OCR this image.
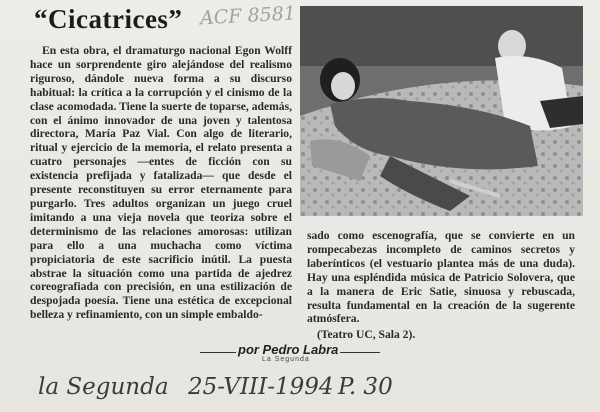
“Cicatrices” ACF 8581

En esta obra, el dramaturgo nacional Egon Wolff hace un sorprendente giro alejándose del realismo riguroso, dándole nueva forma a su discurso habitual: la crítica a la corrupción y el cinismo de la clase acomodada. Tiene la suerte de toparse, además, con el ánimo innovador de una joven y talentosa directora, María Paz Vial. Con algo de literario, ritual y ejercicio de la memoria, el relato presenta a cuatro personajes —entes de ficción con su existencia prefijada y fatalizada— que desde el presente reconstituyen su error eternamente para purgarlo. Tres adultos organizan un juego cruel imitando a una vieja novela que teoriza sobre el determinismo de las relaciones amorosas: utilizan para ello a una muchacha como víctima propiciatoria de este sacrificio inútil. La puesta abstrae la situación como una partida de ajedrez coreografiada con precisión, en una estilización de despojada poesía. Tiene una estética de excepcional belleza y refinamiento, con un simple embaldo-

sado como escenografía, que se convierte en un rompecabezas incompleto de caminos secretos y laberínticos (el vestuario plantea más de una duda). Hay una espléndida música de Patricio Solovera, que a la manera de Eric Satie, sinuosa y rebuscada, resulta fundamental en la creación de la sugerente atmósfera.

(Teatro UC, Sala 2).

por Pedro Labra
La Segunda
la Segunda 25-VIII-1994 P. 30
